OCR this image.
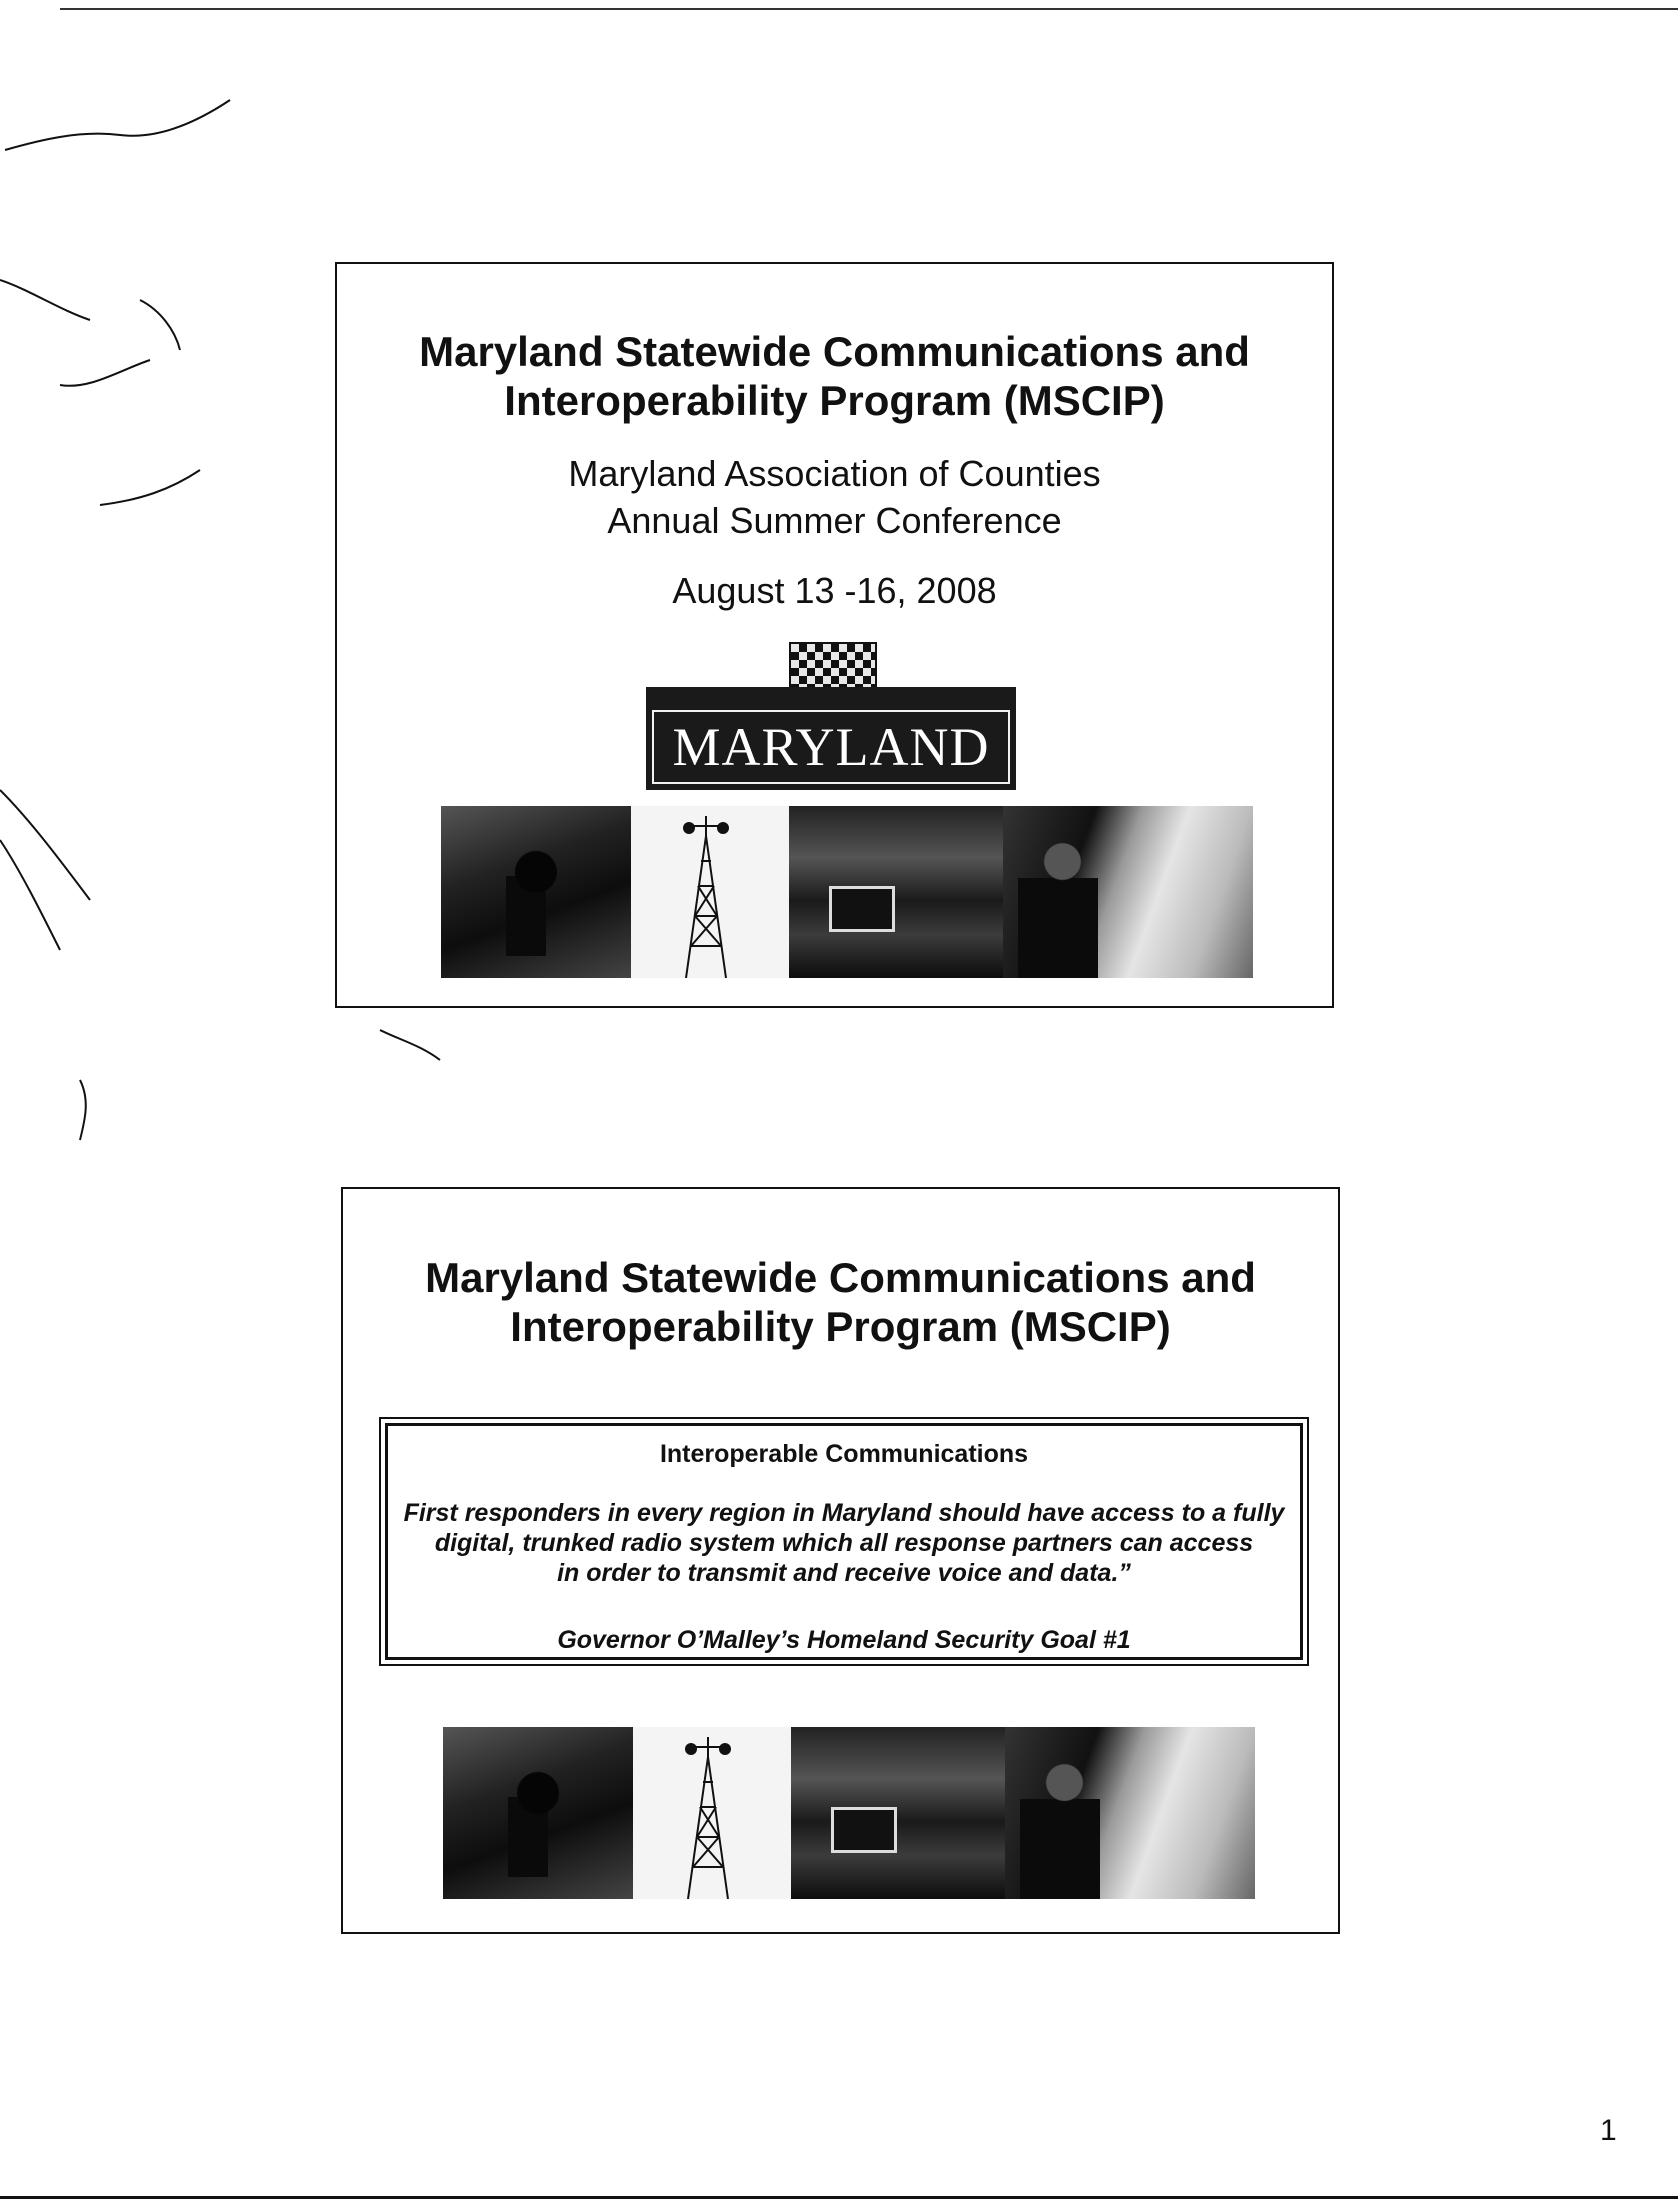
Maryland Statewide Communications and
Interoperability Program (MSCIP)
Maryland Association of Counties
Annual Summer Conference
August 13 -16, 2008
MARYLAND
Maryland Statewide Communications and
Interoperability Program (MSCIP)
Interoperable Communications
First responders in every region in Maryland should have access to a fully
digital, trunked radio system which all response partners can access
in order to transmit and receive voice and data.”
Governor O’Malley’s Homeland Security Goal #1
1
